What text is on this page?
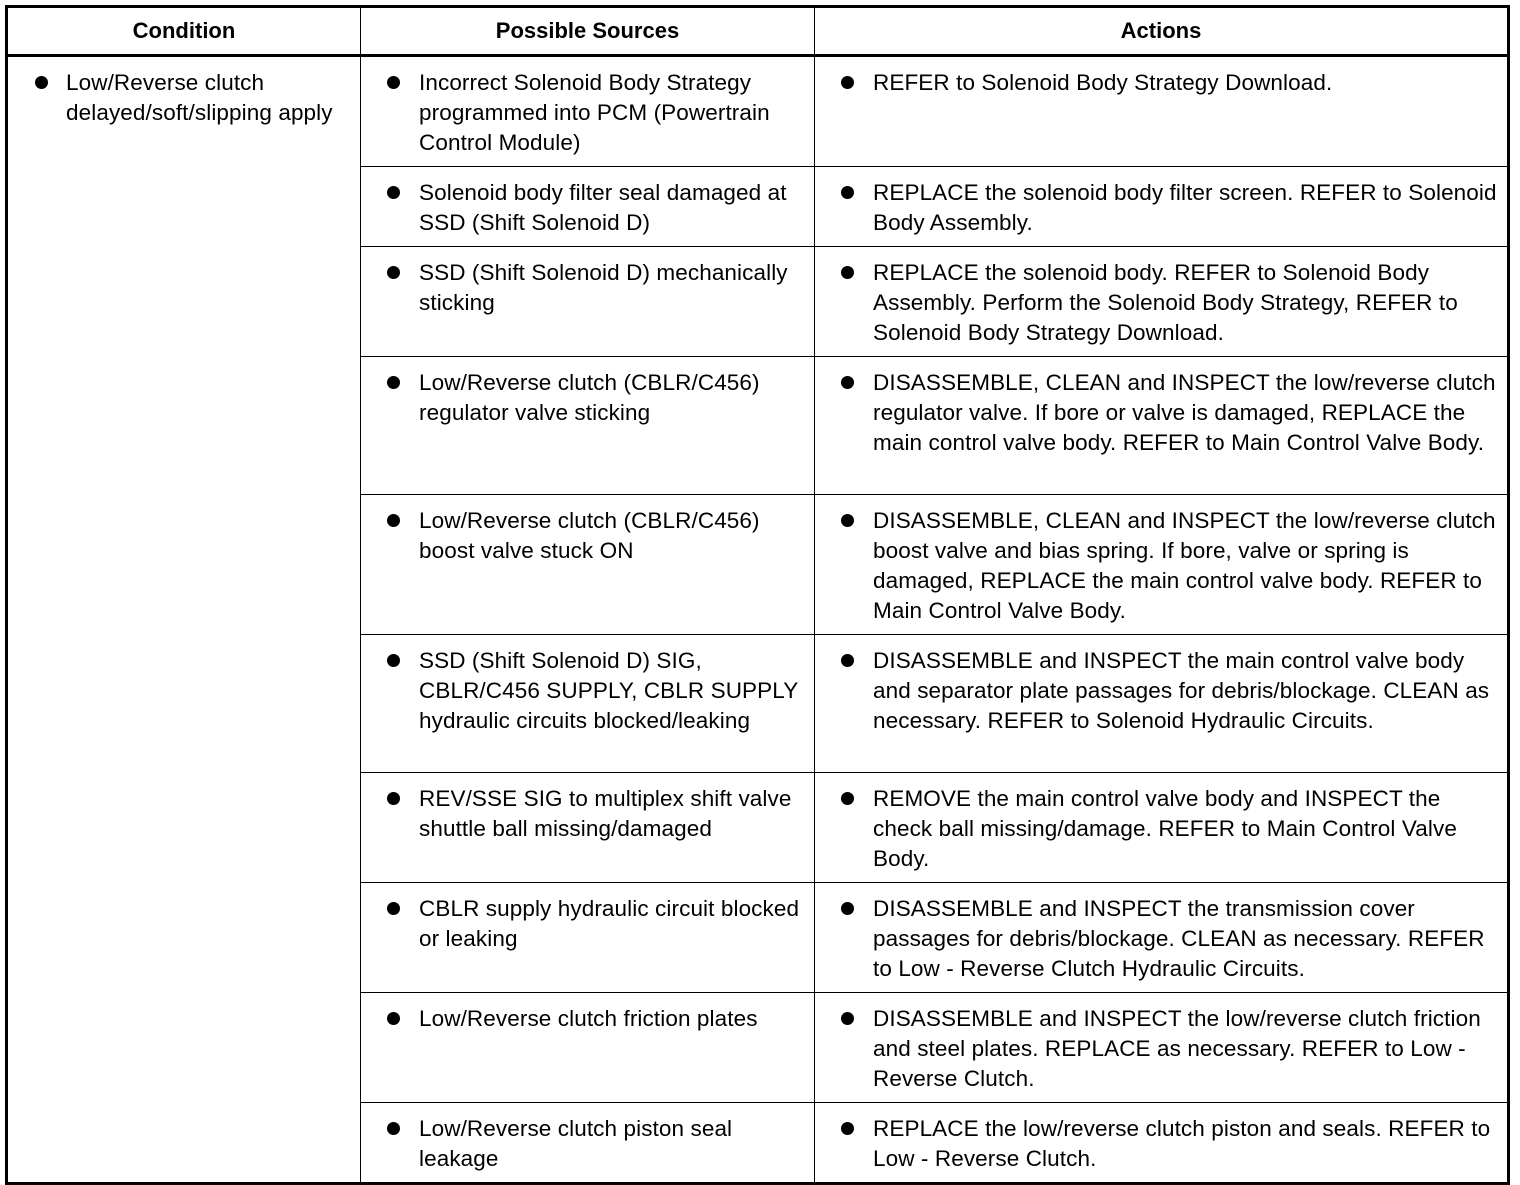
Condition	Possible Sources	Actions

Low/Reverse clutch delayed/soft/slipping apply	Incorrect Solenoid Body Strategy programmed into PCM (Powertrain Control Module)	REFER to Solenoid Body Strategy Download.

Solenoid body filter seal damaged at SSD (Shift Solenoid D)	REPLACE the solenoid body filter screen. REFER to Solenoid Body Assembly.

SSD (Shift Solenoid D) mechanically sticking	REPLACE the solenoid body. REFER to Solenoid Body Assembly. Perform the Solenoid Body Strategy, REFER to Solenoid Body Strategy Download.

Low/Reverse clutch (CBLR/C456) regulator valve sticking	DISASSEMBLE, CLEAN and INSPECT the low/reverse clutch regulator valve. If bore or valve is damaged, REPLACE the main control valve body. REFER to Main Control Valve Body.

Low/Reverse clutch (CBLR/C456) boost valve stuck ON	DISASSEMBLE, CLEAN and INSPECT the low/reverse clutch boost valve and bias spring. If bore, valve or spring is damaged, REPLACE the main control valve body. REFER to Main Control Valve Body.

SSD (Shift Solenoid D) SIG, CBLR/C456 SUPPLY, CBLR SUPPLY hydraulic circuits blocked/leaking	DISASSEMBLE and INSPECT the main control valve body and separator plate passages for debris/blockage. CLEAN as necessary. REFER to Solenoid Hydraulic Circuits.

REV/SSE SIG to multiplex shift valve shuttle ball missing/damaged	REMOVE the main control valve body and INSPECT the check ball missing/damage. REFER to Main Control Valve Body.

CBLR supply hydraulic circuit blocked or leaking	DISASSEMBLE and INSPECT the transmission cover passages for debris/blockage. CLEAN as necessary. REFER to Low - Reverse Clutch Hydraulic Circuits.

Low/Reverse clutch friction plates	DISASSEMBLE and INSPECT the low/reverse clutch friction and steel plates. REPLACE as necessary. REFER to Low - Reverse Clutch.

Low/Reverse clutch piston seal leakage	REPLACE the low/reverse clutch piston and seals. REFER to Low - Reverse Clutch.
